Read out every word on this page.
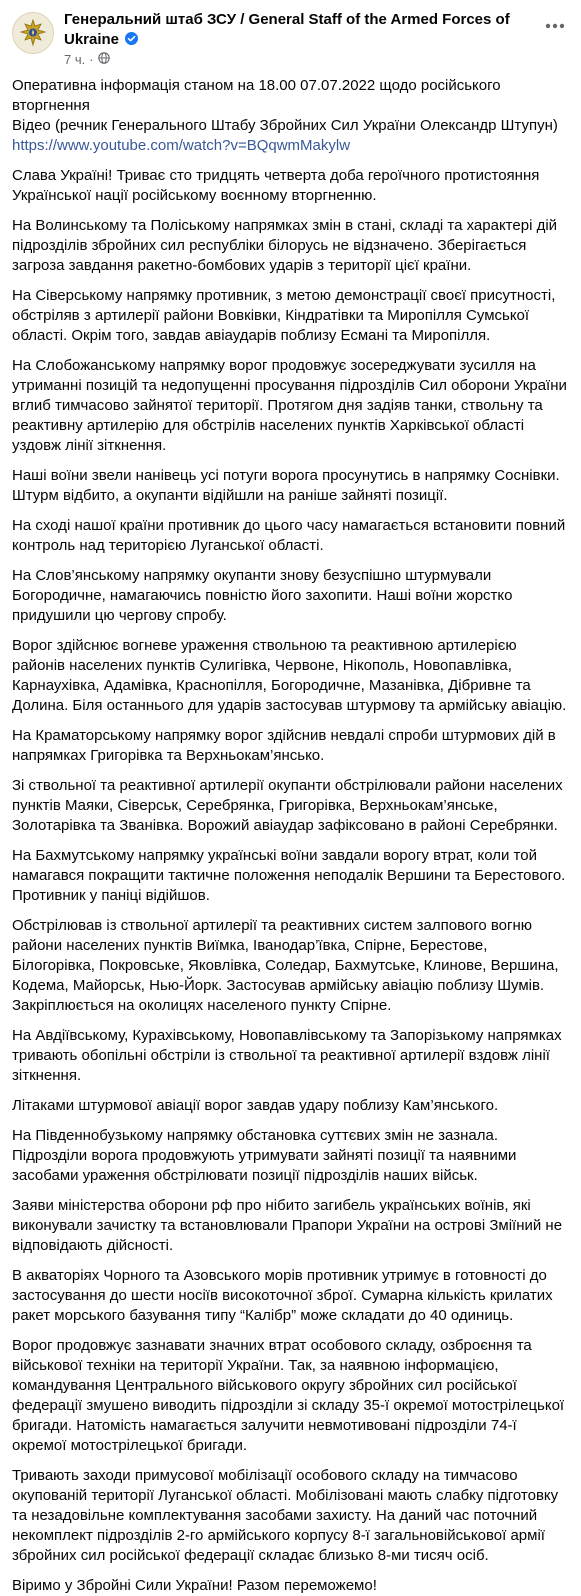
Генеральний штаб ЗСУ / General Staff of the Armed Forces of Ukraine
7 ч. ·
Оперативна інформація станом на 18.00 07.07.2022 щодо російського вторгнення
Відео (речник Генерального Штабу Збройних Сил України Олександр Штупун)
https://www.youtube.com/watch?v=BQqwmMakylw
Слава Україні! Триває сто тридцять четверта доба героїчного протистояння Української нації російському воєнному вторгненню.
На Волинському та Поліському напрямках змін в стані, складі та характері дій підрозділів збройних сил республіки білорусь не відзначено. Зберігається загроза завдання ракетно-бомбових ударів з території цієї країни.
На Сіверському напрямку противник, з метою демонстрації своєї присутності, обстріляв з артилерії райони Вовківки, Кіндратівки та Миропілля Сумської області. Окрім того, завдав авіаударів поблизу Есмані та Миропілля.
На Слобожанському напрямку ворог продовжує зосереджувати зусилля на утриманні позицій та недопущенні просування підрозділів Сил оборони України вглиб тимчасово зайнятої території. Протягом дня задіяв танки, ствольну та реактивну артилерію для обстрілів населених пунктів Харківської області уздовж лінії зіткнення.
Наші воїни звели нанівець усі потуги ворога просунутись в напрямку Соснівки. Штурм відбито, а окупанти відійшли на раніше зайняті позиції.
На сході нашої країни противник до цього часу намагається встановити повний контроль над територією Луганської області.
На Слов’янському напрямку окупанти знову безуспішно штурмували Богородичне, намагаючись повністю його захопити. Наші воїни жорстко придушили цю чергову спробу.
Ворог здійснює вогневе ураження ствольною та реактивною артилерією районів населених пунктів Сулигівка, Червоне, Нікополь, Новопавлівка, Карнаухівка, Адамівка, Краснопілля, Богородичне, Мазанівка, Дібривне та Долина. Біля останнього для ударів застосував штурмову та армійську авіацію.
На Краматорському напрямку ворог здійснив невдалі спроби штурмових дій в напрямках Григорівка та Верхньокам’янсько.
Зі ствольної та реактивної артилерії окупанти обстрілювали райони населених пунктів Маяки, Сіверськ, Серебрянка, Григорівка, Верхньокам’янське, Золотарівка та Званівка. Ворожий авіаудар зафіксовано в районі Серебрянки.
На Бахмутському напрямку українські воїни завдали ворогу втрат, коли той намагався покращити тактичне положення неподалік Вершини та Берестового. Противник у паніці відійшов.
Обстрілював із ствольної артилерії та реактивних систем залпового вогню райони населених пунктів Виїмка, Іванодар’ївка, Спірне, Берестове, Білогорівка, Покровське, Яковлівка, Соледар, Бахмутське, Клинове, Вершина, Кодема, Майорськ, Нью-Йорк. Застосував армійську авіацію поблизу Шумів. Закріплюється на околицях населеного пункту Спірне.
На Авдіївському, Курахівському, Новопавлівському та Запорізькому напрямках тривають обопільні обстріли із ствольної та реактивної артилерії вздовж лінії зіткнення.
Літаками штурмової авіації ворог завдав удару поблизу Кам’янського.
На Південнобузькому напрямку обстановка суттєвих змін не зазнала. Підрозділи ворога продовжують утримувати зайняті позиції та наявними засобами ураження обстрілювати позиції підрозділів наших військ.
Заяви міністерства оборони рф про нібито загибель українських воїнів, які виконували зачистку та встановлювали Прапори України на острові Зміїний не відповідають дійсності.
В акваторіях Чорного та Азовського морів противник утримує в готовності до застосування до шести носіїв високоточної зброї. Сумарна кількість крилатих ракет морського базування типу “Калібр” може складати до 40 одиниць.
Ворог продовжує зазнавати значних втрат особового складу, озброєння та військової техніки на території України. Так, за наявною інформацією, командування Центрального військового округу збройних сил російської федерації змушено виводить підрозділи зі складу 35-ї окремої мотострілецької бригади. Натомість намагається залучити невмотивовані підрозділи 74-ї окремої мотострілецької бригади.
Тривають заходи примусової мобілізації особового складу на тимчасово окупованій території Луганської області. Мобілізовані мають слабку підготовку та незадовільне комплектування засобами захисту. На даний час поточний некомплект підрозділів 2-го армійського корпусу 8-ї загальновійськової армії збройних сил російської федерації складає близько 8-ми тисяч осіб.
Віримо у Збройні Сили України! Разом переможемо!
